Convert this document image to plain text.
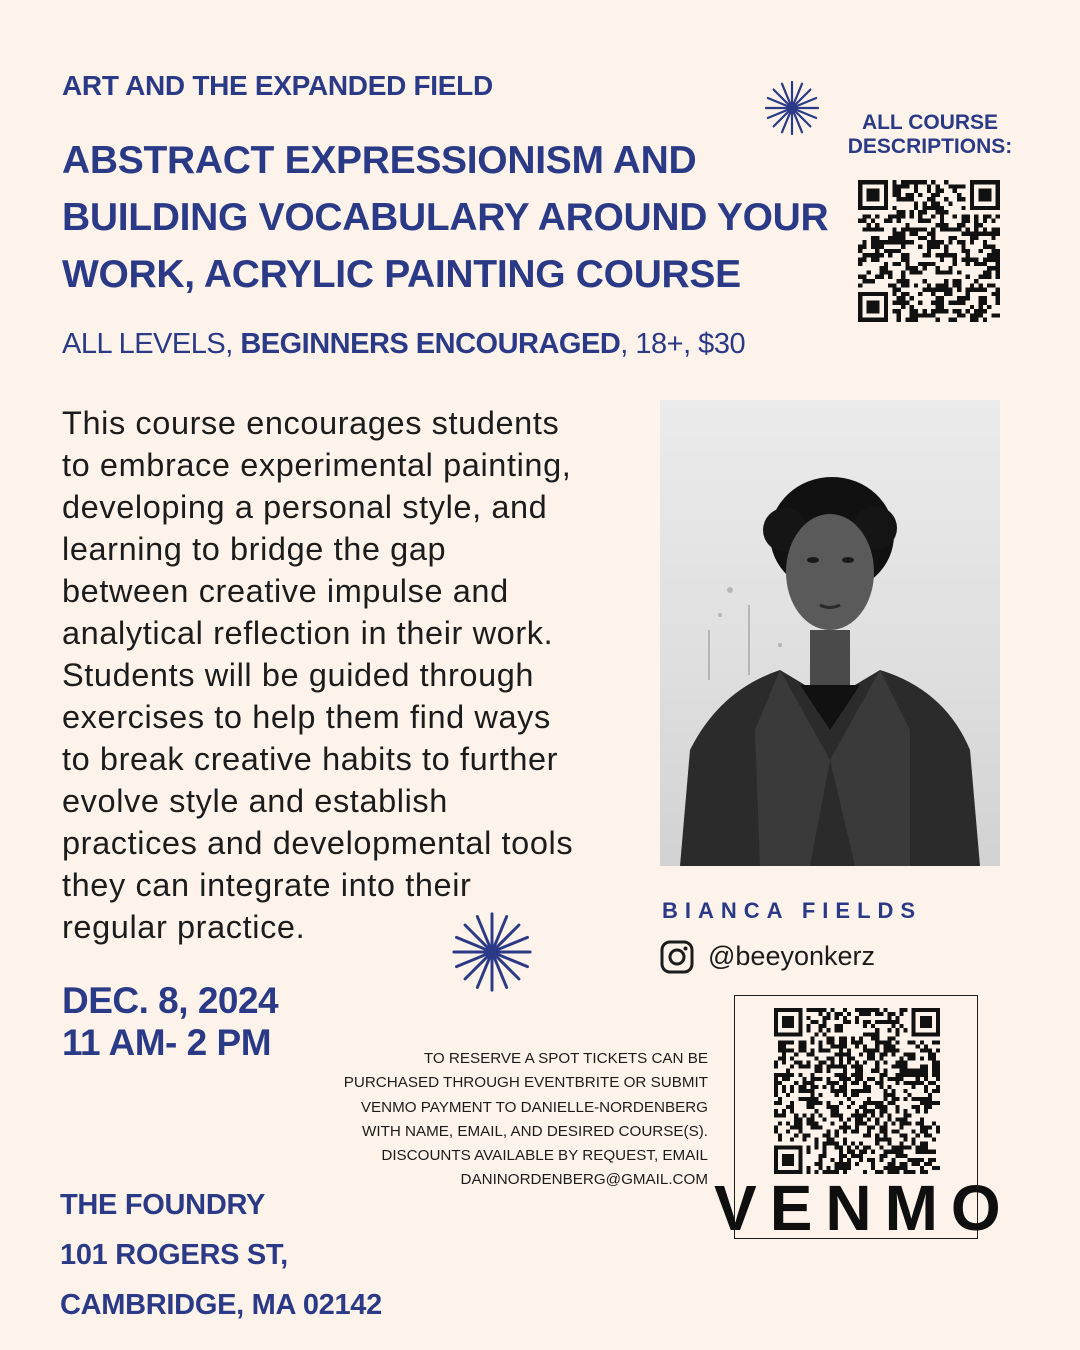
ART AND THE EXPANDED FIELD
ALL COURSE
DESCRIPTIONS:
ABSTRACT EXPRESSIONISM AND
BUILDING VOCABULARY AROUND YOUR
WORK, ACRYLIC PAINTING COURSE
ALL LEVELS, BEGINNERS ENCOURAGED, 18+, $30
This course encourages students
to embrace experimental painting,
developing a personal style, and
learning to bridge the gap
between creative impulse and
analytical reflection in their work.
Students will be guided through
exercises to help them find ways
to break creative habits to further
evolve style and establish
practices and developmental tools
they can integrate into their
regular practice.	BIANCA FIELDS
@beeyonkerz
DEC. 8, 2024
11 AM- 2 PM	TO RESERVE A SPOT TICKETS CAN BE
PURCHASED THROUGH EVENTBRITE OR SUBMIT
VENMO PAYMENT TO DANIELLE-NORDENBERG
WITH NAME, EMAIL, AND DESIRED COURSE(S).
DISCOUNTS AVAILABLE BY REQUEST, EMAIL
DANINORDENBERG@GMAIL.COM VENMO
THE FOUNDRY
101 ROGERS ST,
CAMBRIDGE, MA 02142
